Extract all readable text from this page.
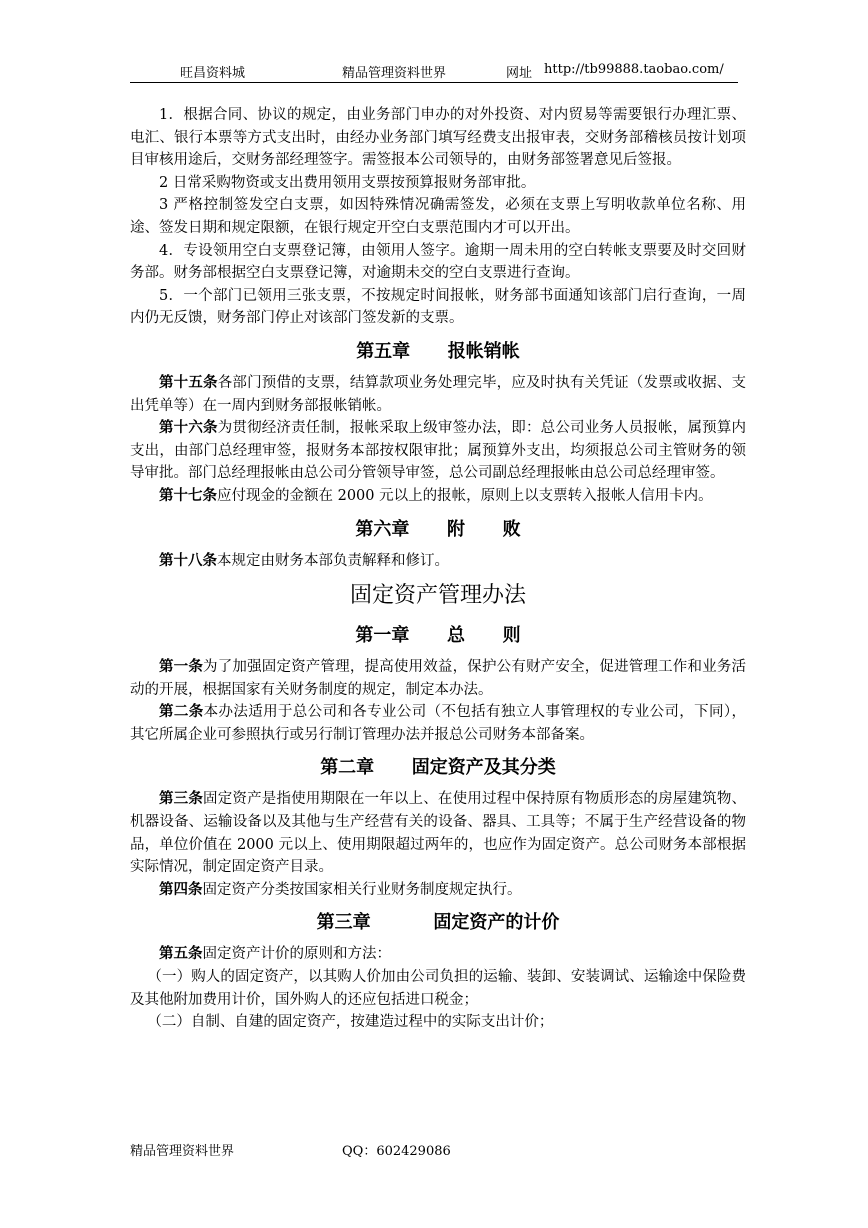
旺昌资料城	精品管理资料世界	网址 http://tb99888.taobao.com/

1．根据合同、协议的规定，由业务部门申办的对外投资、对内贸易等需要银行办理汇票、电汇、银行本票等方式支出时，由经办业务部门填写经费支出报审表，交财务部稽核员按计划项目审核用途后，交财务部经理签字。需签报本公司领导的，由财务部签署意见后签报。

2 日常采购物资或支出费用领用支票按预算报财务部审批。

3 严格控制签发空白支票，如因特殊情况确需签发，必须在支票上写明收款单位名称、用途、签发日期和规定限额，在银行规定开空白支票范围内才可以开出。

4．专设领用空白支票登记簿，由领用人签字。逾期一周未用的空白转帐支票要及时交回财务部。财务部根据空白支票登记簿，对逾期未交的空白支票进行查询。

5．一个部门已领用三张支票，不按规定时间报帐，财务部书面通知该部门启行查询，一周内仍无反馈，财务部门停止对该部门签发新的支票。

第五章      报帐销帐

第十五条各部门预借的支票，结算款项业务处理完毕，应及时执有关凭证（发票或收据、支出凭单等）在一周内到财务部报帐销帐。

第十六条为贯彻经济责任制，报帐采取上级审签办法，即：总公司业务人员报帐，属预算内支出，由部门总经理审签，报财务本部按权限审批；属预算外支出，均须报总公司主管财务的领导审批。部门总经理报帐由总公司分管领导审签，总公司副总经理报帐由总公司总经理审签。

第十七条应付现金的金额在 2000 元以上的报帐，原则上以支票转入报帐人信用卡内。

第六章      附      败

第十八条本规定由财务本部负责解释和修订。

固定资产管理办法
第一章      总      则

第一条为了加强固定资产管理，提高使用效益，保护公有财产安全，促进管理工作和业务活动的开展，根据国家有关财务制度的规定，制定本办法。

第二条本办法适用于总公司和各专业公司（不包括有独立人事管理权的专业公司，下同），其它所属企业可参照执行或另行制订管理办法并报总公司财务本部备案。

第二章      固定资产及其分类

第三条固定资产是指使用期限在一年以上、在使用过程中保持原有物质形态的房屋建筑物、机器设备、运输设备以及其他与生产经营有关的设备、器具、工具等；不属于生产经营设备的物品，单位价值在 2000 元以上、使用期限超过两年的，也应作为固定资产。总公司财务本部根据实际情况，制定固定资产目录。

第四条固定资产分类按国家相关行业财务制度规定执行。

第三章          固定资产的计价

第五条固定资产计价的原则和方法：

（一）购人的固定资产，以其购人价加由公司负担的运输、装卸、安装调试、运输途中保险费及其他附加费用计价，国外购人的还应包括进口税金；

（二）自制、自建的固定资产，按建造过程中的实际支出计价；

精品管理资料世界	QQ：602429086
